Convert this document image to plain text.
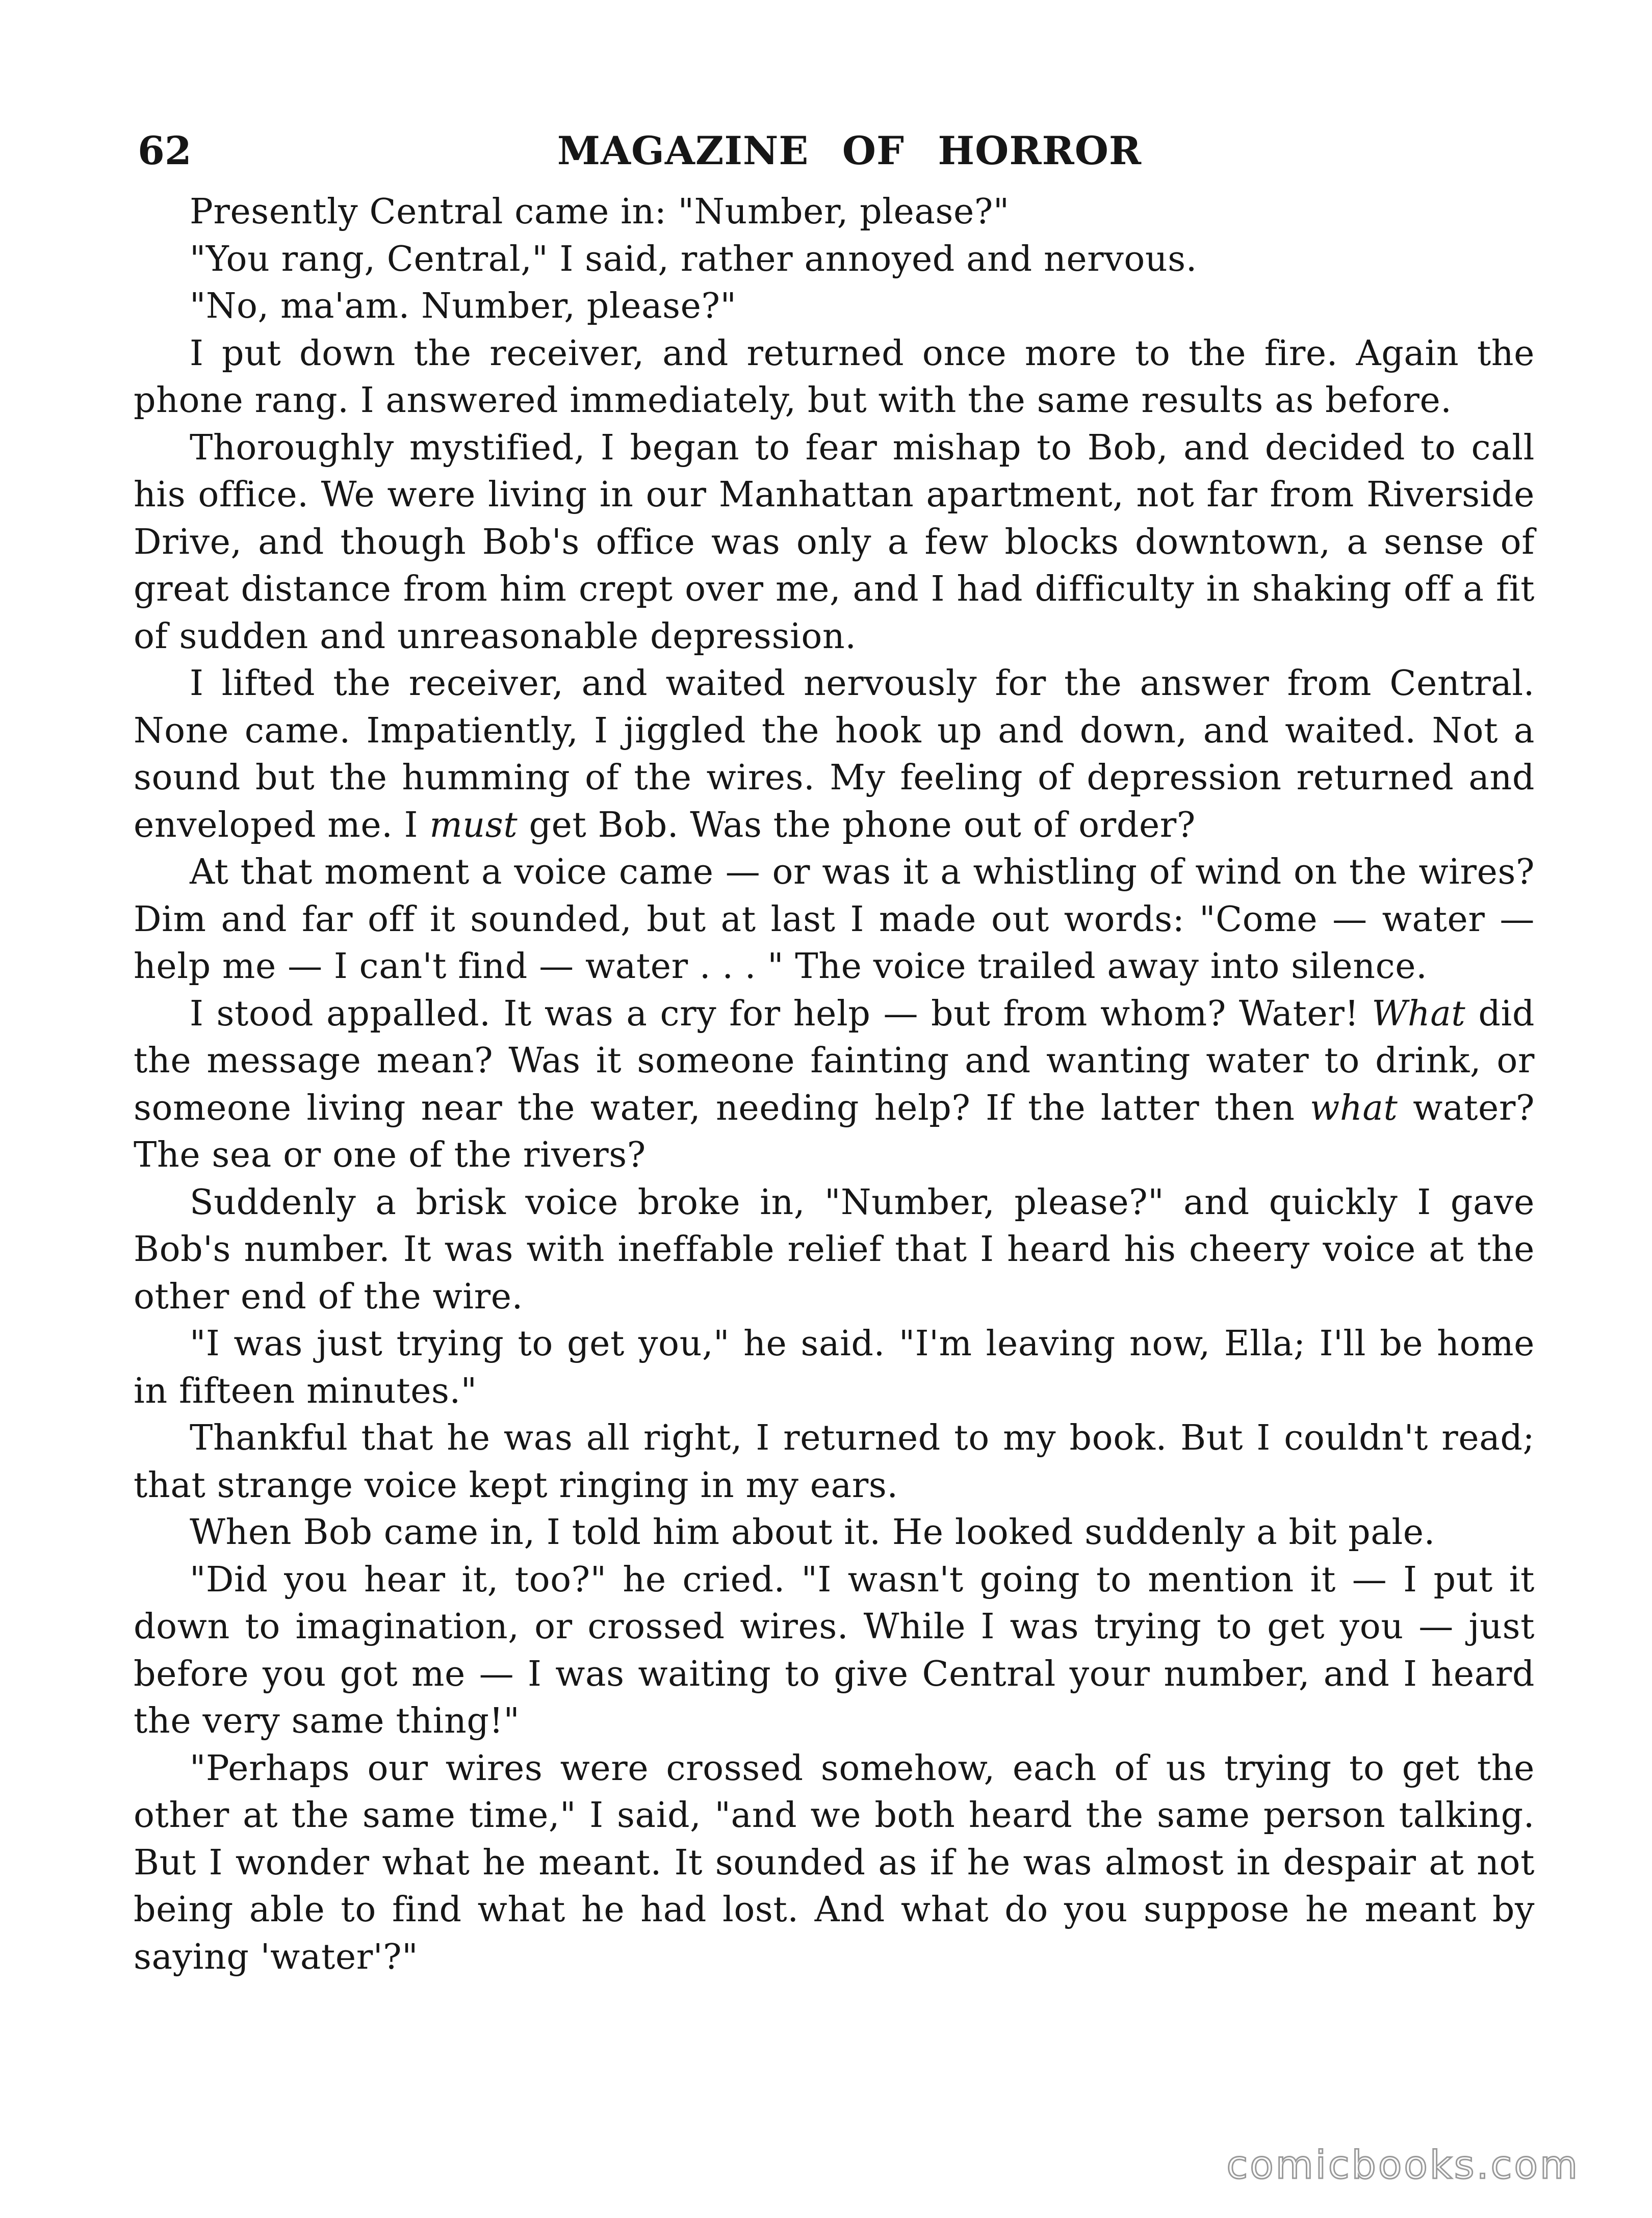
62	MAGAZINE OF HORROR

Presently Central came in: "Number, please?"

"You rang, Central," I said, rather annoyed and nervous.

"No, ma'am. Number, please?"

I put down the receiver, and returned once more to the fire. Again the phone rang. I answered immediately, but with the same results as before.

Thoroughly mystified, I began to fear mishap to Bob, and decided to call his office. We were living in our Manhattan apartment, not far from Riverside Drive, and though Bob's office was only a few blocks downtown, a sense of great distance from him crept over me, and I had difficulty in shaking off a fit of sudden and unreasonable depression.

I lifted the receiver, and waited nervously for the answer from Central. None came. Impatiently, I jiggled the hook up and down, and waited. Not a sound but the humming of the wires. My feeling of depression returned and enveloped me. I must get Bob. Was the phone out of order?

At that moment a voice came — or was it a whistling of wind on the wires? Dim and far off it sounded, but at last I made out words: "Come — water — help me — I can't find — water . . . " The voice trailed away into silence.

I stood appalled. It was a cry for help — but from whom? Water! What did the message mean? Was it someone fainting and wanting water to drink, or someone living near the water, needing help? If the latter then what water? The sea or one of the rivers?

Suddenly a brisk voice broke in, "Number, please?" and quickly I gave Bob's number. It was with ineffable relief that I heard his cheery voice at the other end of the wire.

"I was just trying to get you," he said. "I'm leaving now, Ella; I'll be home in fifteen minutes."

Thankful that he was all right, I returned to my book. But I couldn't read; that strange voice kept ringing in my ears.

When Bob came in, I told him about it. He looked suddenly a bit pale.

"Did you hear it, too?" he cried. "I wasn't going to mention it — I put it down to imagination, or crossed wires. While I was trying to get you — just before you got me — I was waiting to give Central your number, and I heard the very same thing!"

"Perhaps our wires were crossed somehow, each of us trying to get the other at the same time," I said, "and we both heard the same person talking. But I wonder what he meant. It sounded as if he was almost in despair at not being able to find what he had lost. And what do you suppose he meant by saying 'water'?"

comicbooks.com
